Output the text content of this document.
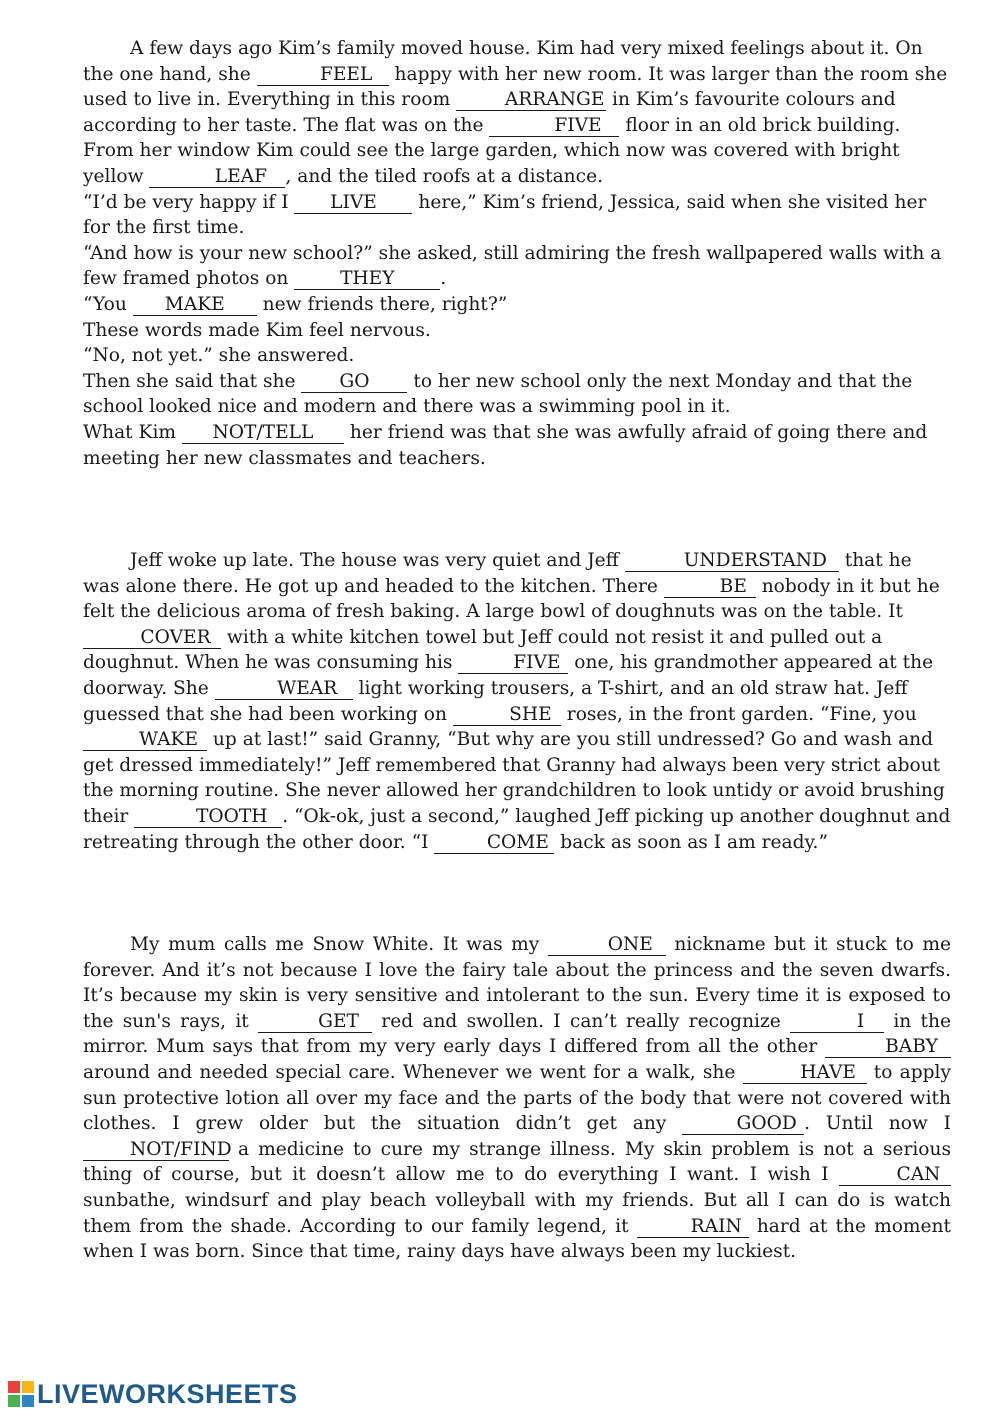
A few days ago Kim’s family moved house. Kim had very mixed feelings about it. On the one hand, she	FEEL happy with her new room. It was larger than the room she used to live in. Everything in this room	ARRANGE in Kim’s favourite colours and according to her taste. The flat was on the	FIVE floor in an old brick building. From her window Kim could see the large garden, which now was covered with bright yellow	LEAF , and the tiled roofs at a distance.

“I’d be very happy if I LIVE here,” Kim’s friend, Jessica, said when she visited her for the first time.

“And how is your new school?” she asked, still admiring the fresh wallpapered walls with a few framed photos on THEY .

“You MAKE new friends there, right?”

These words made Kim feel nervous.

“No, not yet.” she answered.

Then she said that she GO to her new school only the next Monday and that the school looked nice and modern and there was a swimming pool in it.

What Kim NOT/TELL her friend was that she was awfully afraid of going there and meeting her new classmates and teachers.

Jeff woke up late. The house was very quiet and Jeff	UNDERSTAND that he was alone there. He got up and headed to the kitchen. There	BE nobody in it but he felt the delicious aroma of fresh baking. A large bowl of doughnuts was on the table. It COVER with a white kitchen towel but Jeff could not resist it and pulled out a doughnut. When he was consuming his	FIVE one, his grandmother appeared at the doorway. She	WEAR light working trousers, a T-shirt, and an old straw hat. Jeff guessed that she had been working on	SHE roses, in the front garden. “Fine, you WAKE up at last!” said Granny, “But why are you still undressed? Go and wash and get dressed immediately!” Jeff remembered that Granny had always been very strict about the morning routine. She never allowed her grandchildren to look untidy or avoid brushing their	TOOTH . “Ok-ok, just a second,” laughed Jeff picking up another doughnut and retreating through the other door. “I	COME back as soon as I am ready.”

My mum calls me Snow White. It was my	ONE nickname but it stuck to me forever. And it’s not because I love the fairy tale about the princess and the seven dwarfs. It’s because my skin is very sensitive and intolerant to the sun. Every time it is exposed to the sun's rays, it	GET red and swollen. I can’t really recognize	I in the mirror. Mum says that from my very early days I differed from all the other	BABY around and needed special care. Whenever we went for a walk, she	HAVE to apply sun protective lotion all over my face and the parts of the body that were not covered with clothes. I grew older but the situation didn’t get any	GOOD . Until now I NOT/FIND a medicine to cure my strange illness. My skin problem is not a serious thing of course, but it doesn’t allow me to do everything I want. I wish I	CAN sunbathe, windsurf and play beach volleyball with my friends. But all I can do is watch them from the shade. According to our family legend, it	RAIN hard at the moment when I was born. Since that time, rainy days have always been my luckiest.

LIVEWORKSHEETS
